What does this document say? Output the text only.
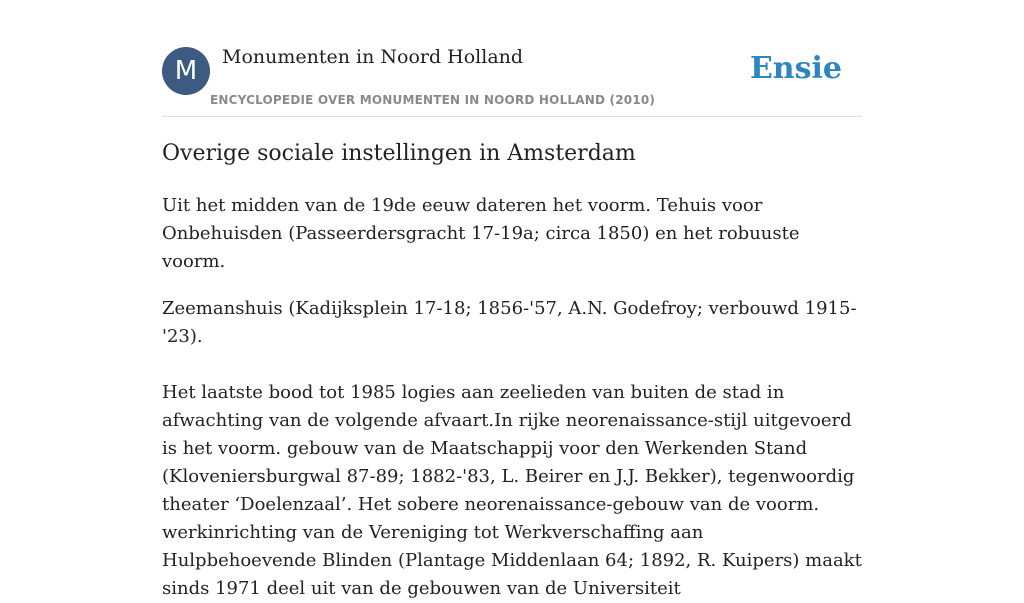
M	Monumenten in Noord Holland
ENCYCLOPEDIE OVER MONUMENTEN IN NOORD HOLLAND (2010)
Ensie
Overige sociale instellingen in Amsterdam

Uit het midden van de 19de eeuw dateren het voorm. Tehuis voor Onbehuisden (Passeerdersgracht 17-19a; circa 1850) en het robuuste voorm.

Zeemanshuis (Kadijksplein 17-18; 1856-'57, A.N. Godefroy; verbouwd 1915-'23).

Het laatste bood tot 1985 logies aan zeelieden van buiten de stad in afwachting van de volgende afvaart.In rijke neorenaissance-stijl uitgevoerd is het voorm. gebouw van de Maatschappij voor den Werkenden Stand (Kloveniersburgwal 87-89; 1882-'83, L. Beirer en J.J. Bekker), tegenwoordig theater ‘Doelenzaal’. Het sobere neorenaissance-gebouw van de voorm. werkinrichting van de Vereniging tot Werkverschaffing aan Hulpbehoevende Blinden (Plantage Middenlaan 64; 1892, R. Kuipers) maakt sinds 1971 deel uit van de gebouwen van de Universiteit
